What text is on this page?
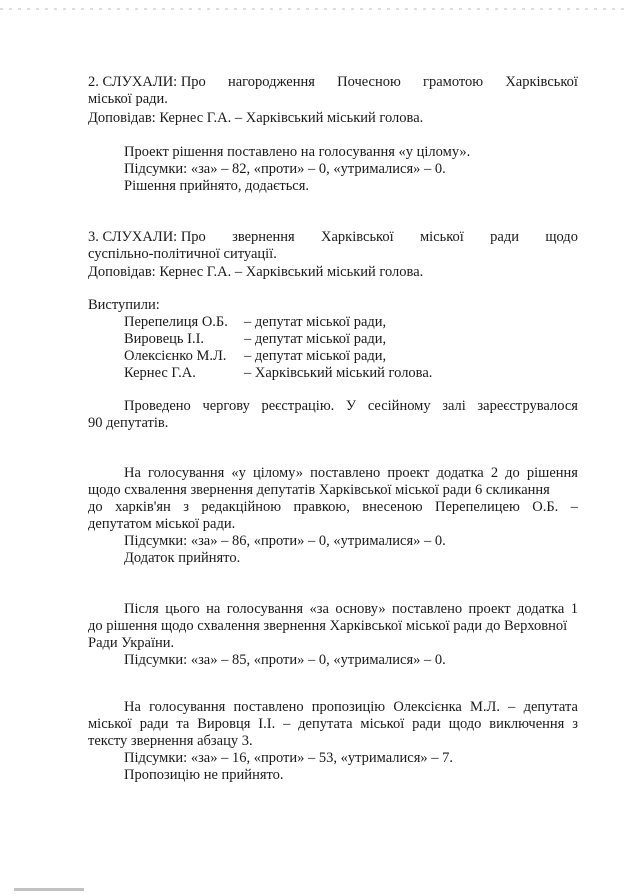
2. СЛУХАЛИ: Про нагородження Почесною грамотою Харківської
міської ради.
Доповідав: Кернес Г.А. – Харківський міський голова.
Проект рішення поставлено на голосування «у цілому».
Підсумки: «за» – 82, «проти» – 0, «утрималися» – 0.
Рішення прийнято, додається.
3. СЛУХАЛИ: Про звернення Харківської міської ради щодо
суспільно-політичної ситуації.
Доповідав: Кернес Г.А. – Харківський міський голова.
Виступили:
Перепелиця О.Б.	– депутат міської ради,
Вировець І.І.	– депутат міської ради,
Олексієнко М.Л.	– депутат міської ради,
Кернес Г.А.	– Харківський міський голова.
Проведено чергову реєстрацію. У сесійному залі зареєструвалося
90 депутатів.
На голосування «у цілому» поставлено проект додатка 2 до рішення
щодо схвалення звернення депутатів Харківської міської ради 6 скликання
до харків'ян з редакційною правкою, внесеною Перепелицею О.Б. –
депутатом міської ради.
Підсумки: «за» – 86, «проти» – 0, «утрималися» – 0.
Додаток прийнято.
Після цього на голосування «за основу» поставлено проект додатка 1
до рішення щодо схвалення звернення Харківської міської ради до Верховної
Ради України.
Підсумки: «за» – 85, «проти» – 0, «утрималися» – 0.
На голосування поставлено пропозицію Олексієнка М.Л. – депутата
міської ради та Вировця І.І. – депутата міської ради щодо виключення з
тексту звернення абзацу 3.
Підсумки: «за» – 16, «проти» – 53, «утрималися» – 7.
Пропозицію не прийнято.
